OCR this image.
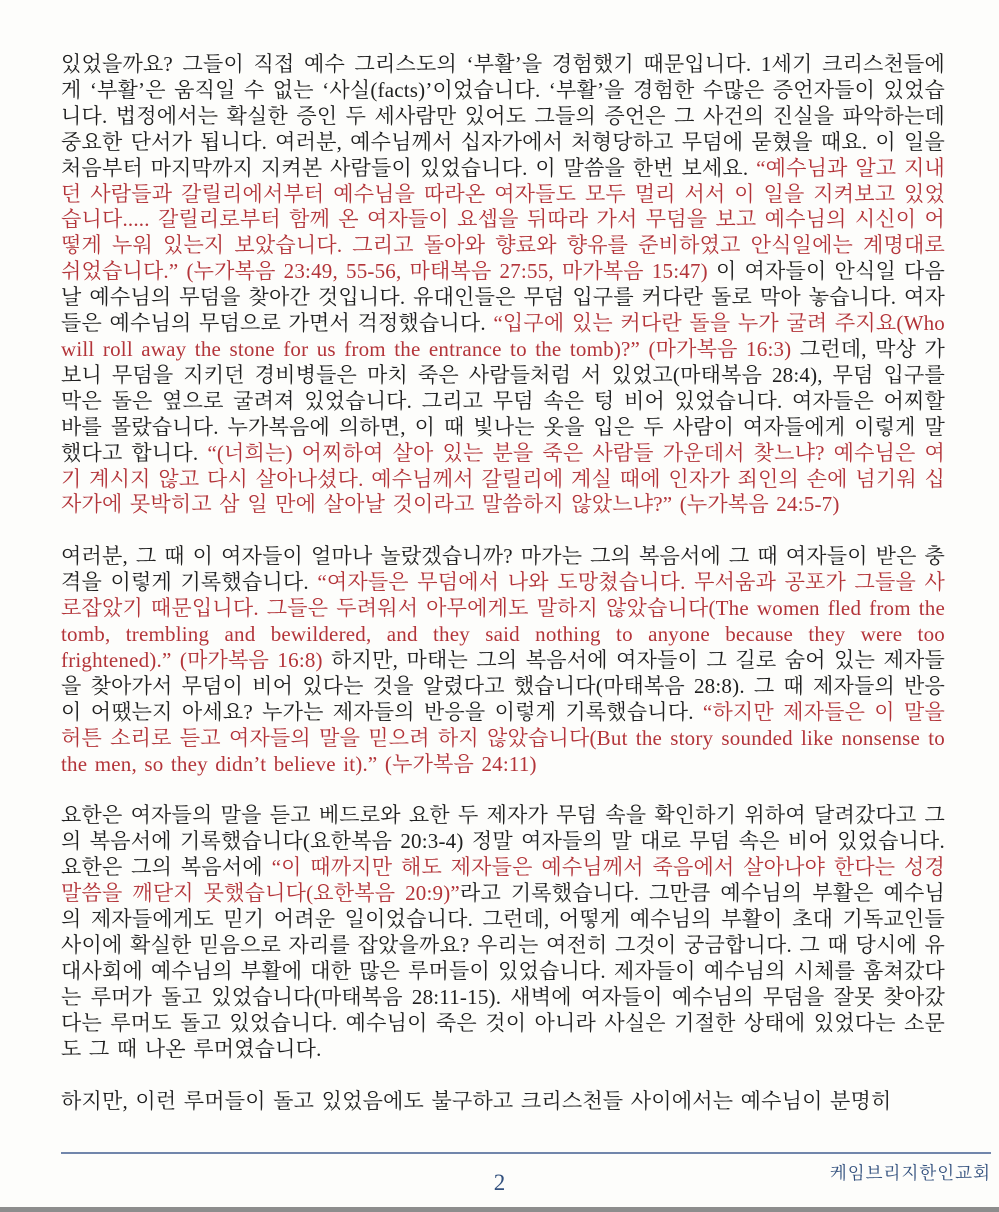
있었을까요? 그들이 직접 예수 그리스도의 ‘부활’을 경험했기 때문입니다. 1세기 크리스천들에게 ‘부활’은 움직일 수 없는 ‘사실(facts)’이었습니다. ‘부활’을 경험한 수많은 증언자들이 있었습니다. 법정에서는 확실한 증인 두 세사람만 있어도 그들의 증언은 그 사건의 진실을 파악하는데 중요한 단서가 됩니다. 여러분, 예수님께서 십자가에서 처형당하고 무덤에 묻혔을 때요. 이 일을 처음부터 마지막까지 지켜본 사람들이 있었습니다. 이 말씀을 한번 보세요. “예수님과 알고 지내던 사람들과 갈릴리에서부터 예수님을 따라온 여자들도 모두 멀리 서서 이 일을 지켜보고 있었습니다..... 갈릴리로부터 함께 온 여자들이 요셉을 뒤따라 가서 무덤을 보고 예수님의 시신이 어떻게 누워 있는지 보았습니다. 그리고 돌아와 향료와 향유를 준비하였고 안식일에는 계명대로 쉬었습니다.” (누가복음 23:49, 55-56, 마태복음 27:55, 마가복음 15:47) 이 여자들이 안식일 다음 날 예수님의 무덤을 찾아간 것입니다. 유대인들은 무덤 입구를 커다란 돌로 막아 놓습니다. 여자들은 예수님의 무덤으로 가면서 걱정했습니다. “입구에 있는 커다란 돌을 누가 굴려 주지요(Who will roll away the stone for us from the entrance to the tomb)?” (마가복음 16:3) 그런데, 막상 가 보니 무덤을 지키던 경비병들은 마치 죽은 사람들처럼 서 있었고(마태복음 28:4), 무덤 입구를 막은 돌은 옆으로 굴려져 있었습니다. 그리고 무덤 속은 텅 비어 있었습니다. 여자들은 어찌할 바를 몰랐습니다. 누가복음에 의하면, 이 때 빛나는 옷을 입은 두 사람이 여자들에게 이렇게 말했다고 합니다. “(너희는) 어찌하여 살아 있는 분을 죽은 사람들 가운데서 찾느냐? 예수님은 여기 계시지 않고 다시 살아나셨다. 예수님께서 갈릴리에 계실 때에 인자가 죄인의 손에 넘기워 십자가에 못박히고 삼 일 만에 살아날 것이라고 말씀하지 않았느냐?” (누가복음 24:5-7)

여러분, 그 때 이 여자들이 얼마나 놀랐겠습니까? 마가는 그의 복음서에 그 때 여자들이 받은 충격을 이렇게 기록했습니다. “여자들은 무덤에서 나와 도망쳤습니다. 무서움과 공포가 그들을 사로잡았기 때문입니다. 그들은 두려워서 아무에게도 말하지 않았습니다(The women fled from the tomb, trembling and bewildered, and they said nothing to anyone because they were too frightened).” (마가복음 16:8) 하지만, 마태는 그의 복음서에 여자들이 그 길로 숨어 있는 제자들을 찾아가서 무덤이 비어 있다는 것을 알렸다고 했습니다(마태복음 28:8). 그 때 제자들의 반응이 어땠는지 아세요? 누가는 제자들의 반응을 이렇게 기록했습니다. “하지만 제자들은 이 말을 허튼 소리로 듣고 여자들의 말을 믿으려 하지 않았습니다(But the story sounded like nonsense to the men, so they didn’t believe it).” (누가복음 24:11)

요한은 여자들의 말을 듣고 베드로와 요한 두 제자가 무덤 속을 확인하기 위하여 달려갔다고 그의 복음서에 기록했습니다(요한복음 20:3-4) 정말 여자들의 말 대로 무덤 속은 비어 있었습니다. 요한은 그의 복음서에 “이 때까지만 해도 제자들은 예수님께서 죽음에서 살아나야 한다는 성경 말씀을 깨닫지 못했습니다(요한복음 20:9)”라고 기록했습니다. 그만큼 예수님의 부활은 예수님의 제자들에게도 믿기 어려운 일이었습니다. 그런데, 어떻게 예수님의 부활이 초대 기독교인들 사이에 확실한 믿음으로 자리를 잡았을까요? 우리는 여전히 그것이 궁금합니다. 그 때 당시에 유대사회에 예수님의 부활에 대한 많은 루머들이 있었습니다. 제자들이 예수님의 시체를 훔쳐갔다는 루머가 돌고 있었습니다(마태복음 28:11-15). 새벽에 여자들이 예수님의 무덤을 잘못 찾아갔다는 루머도 돌고 있었습니다. 예수님이 죽은 것이 아니라 사실은 기절한 상태에 있었다는 소문도 그 때 나온 루머였습니다.

하지만, 이런 루머들이 돌고 있었음에도 불구하고 크리스천들 사이에서는 예수님이 분명히

케임브리지한인교회
2
